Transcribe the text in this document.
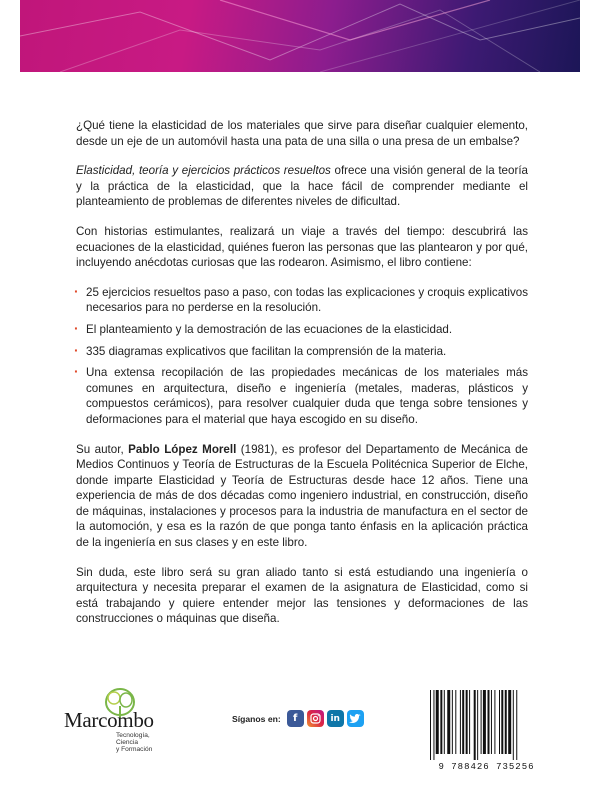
¿Qué tiene la elasticidad de los materiales que sirve para diseñar cualquier elemento, desde un eje de un automóvil hasta una pata de una silla o una presa de un embalse?

Elasticidad, teoría y ejercicios prácticos resueltos ofrece una visión general de la teoría y la práctica de la elasticidad, que la hace fácil de comprender mediante el planteamiento de problemas de diferentes niveles de dificultad.

Con historias estimulantes, realizará un viaje a través del tiempo: descubrirá las ecuaciones de la elasticidad, quiénes fueron las personas que las plantearon y por qué, incluyendo anécdotas curiosas que las rodearon. Asimismo, el libro contiene:

· 25 ejercicios resueltos paso a paso, con todas las explicaciones y croquis explicativos necesarios para no perderse en la resolución.
· El planteamiento y la demostración de las ecuaciones de la elasticidad.
· 335 diagramas explicativos que facilitan la comprensión de la materia.
· Una extensa recopilación de las propiedades mecánicas de los materiales más comunes en arquitectura, diseño e ingeniería (metales, maderas, plásticos y compuestos cerámicos), para resolver cualquier duda que tenga sobre tensiones y deformaciones para el material que haya escogido en su diseño.

Su autor, Pablo López Morell (1981), es profesor del Departamento de Mecánica de Medios Continuos y Teoría de Estructuras de la Escuela Politécnica Superior de Elche, donde imparte Elasticidad y Teoría de Estructuras desde hace 12 años. Tiene una experiencia de más de dos décadas como ingeniero industrial, en construcción, diseño de máquinas, instalaciones y procesos para la industria de manufactura en el sector de la automoción, y esa es la razón de que ponga tanto énfasis en la aplicación práctica de la ingeniería en sus clases y en este libro.

Sin duda, este libro será su gran aliado tanto si está estudiando una ingeniería o arquitectura y necesita preparar el examen de la asignatura de Elasticidad, como si está trabajando y quiere entender mejor las tensiones y deformaciones de las construcciones o máquinas que diseña.

Marcombo
Tecnología,
Ciencia
y Formación
Síganos en:	f	in
9 788426 735256
